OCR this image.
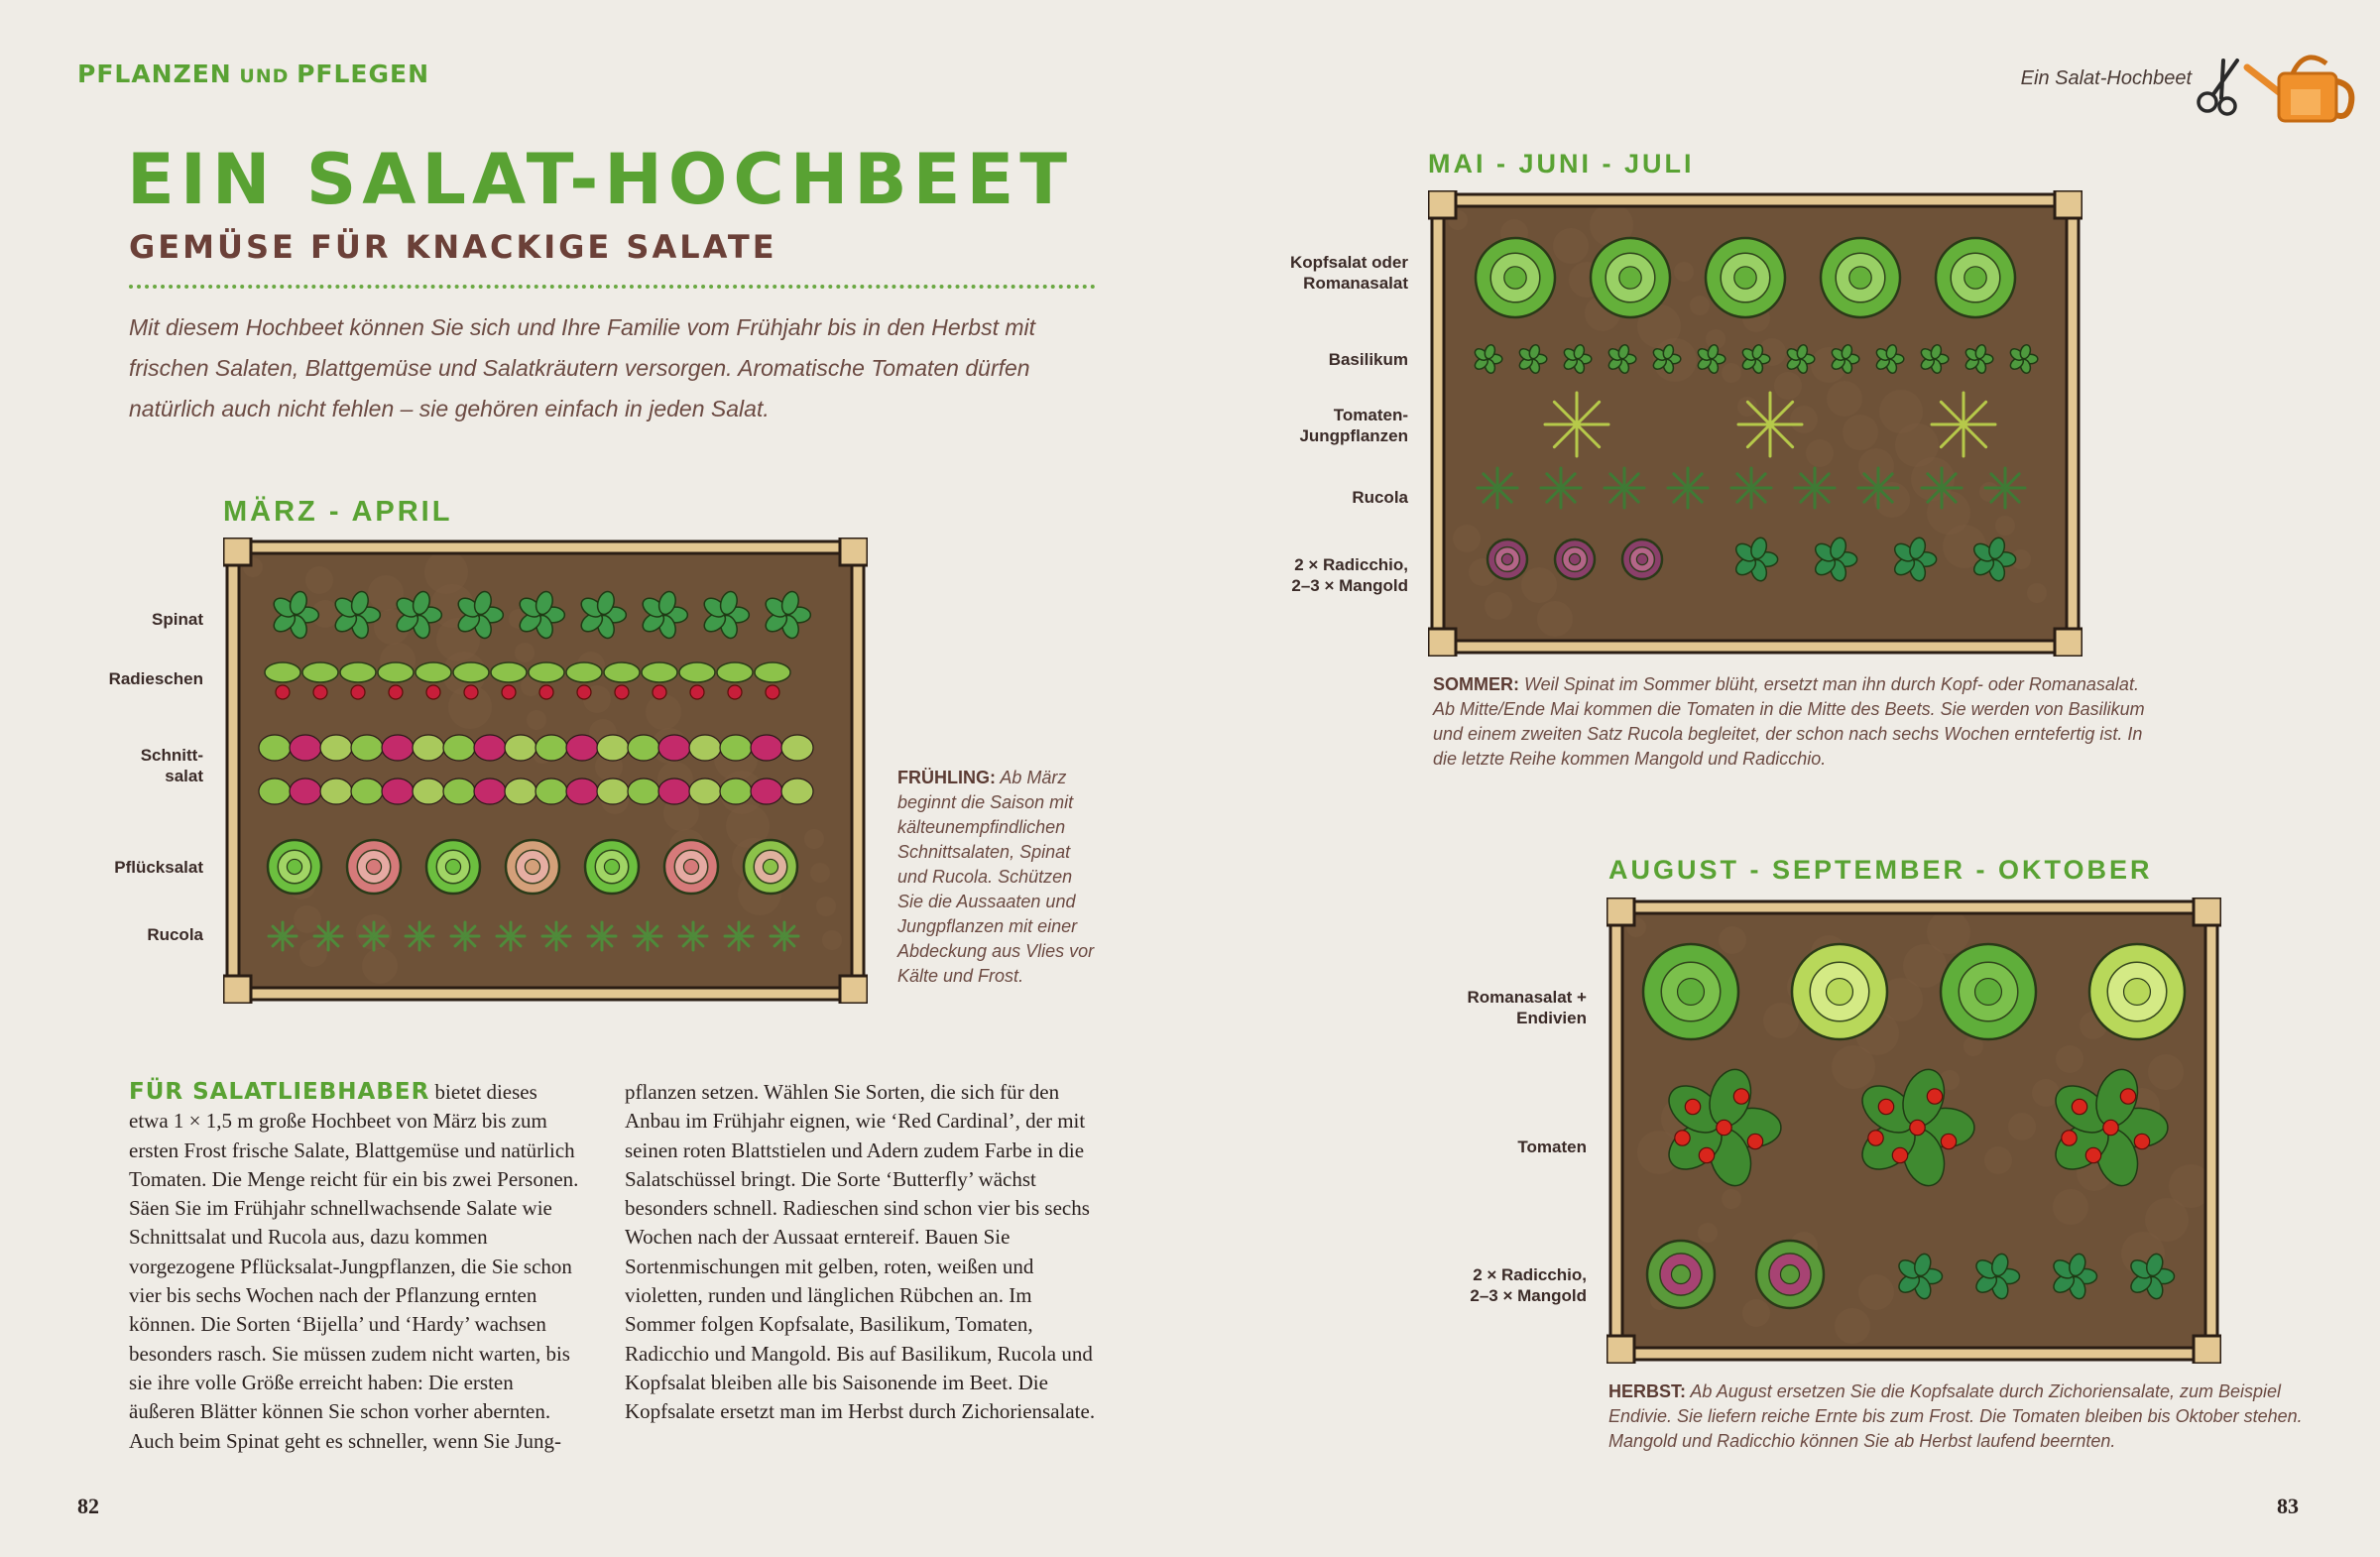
PFLANZEN UND PFLEGEN	Ein Salat-Hochbeet
EIN SALAT-HOCHBEET
GEMÜSE FÜR KNACKIGE SALATE
Mit diesem Hochbeet können Sie sich und Ihre Familie vom Frühjahr bis in den Herbst mit frischen Salaten, Blattgemüse und Salatkräutern versorgen. Aromatische Tomaten dürfen natürlich auch nicht fehlen – sie gehören einfach in jeden Salat.
MÄRZ - APRIL
Spinat
Radieschen
Schnitt-
salat
Pflücksalat
Rucola
FRÜHLING: Ab März beginnt die Saison mit kälteunempfindlichen Schnittsalaten, Spinat und Rucola. Schützen Sie die Aussaaten und Jungpflanzen mit einer Abdeckung aus Vlies vor Kälte und Frost.
FÜR SALATLIEBHABER bietet dieses etwa 1 × 1,5 m große Hochbeet von März bis zum ersten Frost frische Salate, Blattgemüse und natürlich Tomaten. Die Menge reicht für ein bis zwei Personen. Säen Sie im Frühjahr schnellwachsende Salate wie Schnittsalat und Rucola aus, dazu kommen vorgezogene Pflücksalat-Jungpflanzen, die Sie schon vier bis sechs Wochen nach der Pflanzung ernten können. Die Sorten ‘Bijella’ und ‘Hardy’ wachsen besonders rasch. Sie müssen zudem nicht warten, bis sie ihre volle Größe erreicht haben: Die ersten äußeren Blätter können Sie schon vorher abernten. Auch beim Spinat geht es schneller, wenn Sie Jung-
pflanzen setzen. Wählen Sie Sorten, die sich für den Anbau im Frühjahr eignen, wie ‘Red Cardinal’, der mit seinen roten Blattstielen und Adern zudem Farbe in die Salatschüssel bringt. Die Sorte ‘Butterfly’ wächst besonders schnell. Radieschen sind schon vier bis sechs Wochen nach der Aussaat erntereif. Bauen Sie Sortenmischungen mit gelben, roten, weißen und violetten, runden und länglichen Rübchen an. Im Sommer folgen Kopfsalate, Basilikum, Tomaten, Radicchio und Mangold. Bis auf Basilikum, Rucola und Kopfsalat bleiben alle bis Saisonende im Beet. Die Kopfsalate ersetzt man im Herbst durch Zichoriensalate.
82
MAI - JUNI - JULI
Kopfsalat oder
Romanasalat
Basilikum
Tomaten-
Jungpflanzen
Rucola
2 × Radicchio,
2–3 × Mangold
SOMMER: Weil Spinat im Sommer blüht, ersetzt man ihn durch Kopf- oder Romanasalat. Ab Mitte/Ende Mai kommen die Tomaten in die Mitte des Beets. Sie werden von Basilikum und einem zweiten Satz Rucola begleitet, der schon nach sechs Wochen erntefertig ist. In die letzte Reihe kommen Mangold und Radicchio.
AUGUST - SEPTEMBER - OKTOBER
Romanasalat +
Endivien
Tomaten
2 × Radicchio,
2–3 × Mangold
HERBST: Ab August ersetzen Sie die Kopfsalate durch Zichoriensalate, zum Beispiel Endivie. Sie liefern reiche Ernte bis zum Frost. Die Tomaten bleiben bis Oktober stehen. Mangold und Radicchio können Sie ab Herbst laufend beernten.
83
